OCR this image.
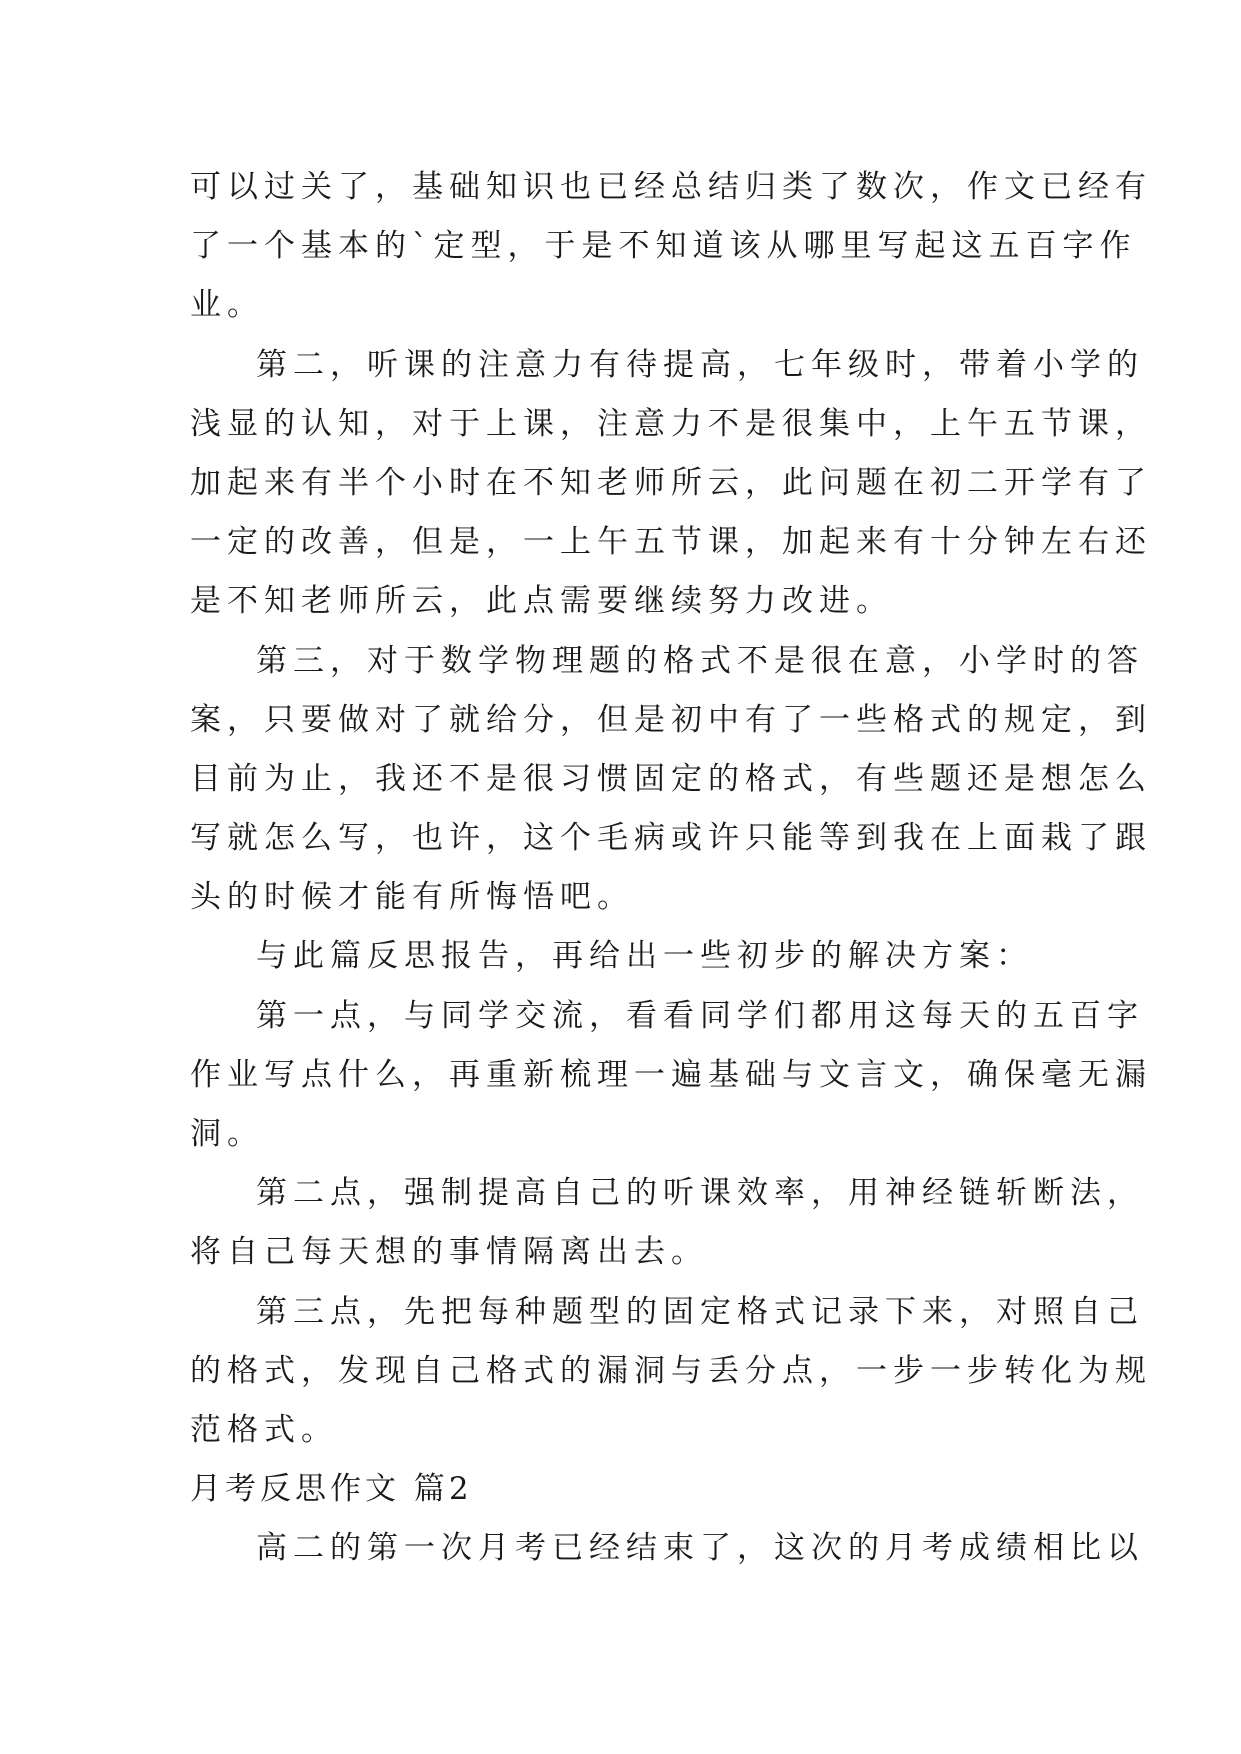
可以过关了，基础知识也已经总结归类了数次，作文已经有
了一个基本的`定型，于是不知道该从哪里写起这五百字作
业。
第二，听课的注意力有待提高，七年级时，带着小学的
浅显的认知，对于上课，注意力不是很集中，上午五节课，
加起来有半个小时在不知老师所云，此问题在初二开学有了
一定的改善，但是，一上午五节课，加起来有十分钟左右还
是不知老师所云，此点需要继续努力改进。
第三，对于数学物理题的格式不是很在意，小学时的答
案，只要做对了就给分，但是初中有了一些格式的规定，到
目前为止，我还不是很习惯固定的格式，有些题还是想怎么
写就怎么写，也许，这个毛病或许只能等到我在上面栽了跟
头的时候才能有所悔悟吧。
与此篇反思报告，再给出一些初步的解决方案：
第一点，与同学交流，看看同学们都用这每天的五百字
作业写点什么，再重新梳理一遍基础与文言文，确保毫无漏
洞。
第二点，强制提高自己的听课效率，用神经链斩断法，
将自己每天想的事情隔离出去。
第三点，先把每种题型的固定格式记录下来，对照自己
的格式，发现自己格式的漏洞与丢分点，一步一步转化为规
范格式。
月考反思作文 篇2
高二的第一次月考已经结束了，这次的月考成绩相比以
